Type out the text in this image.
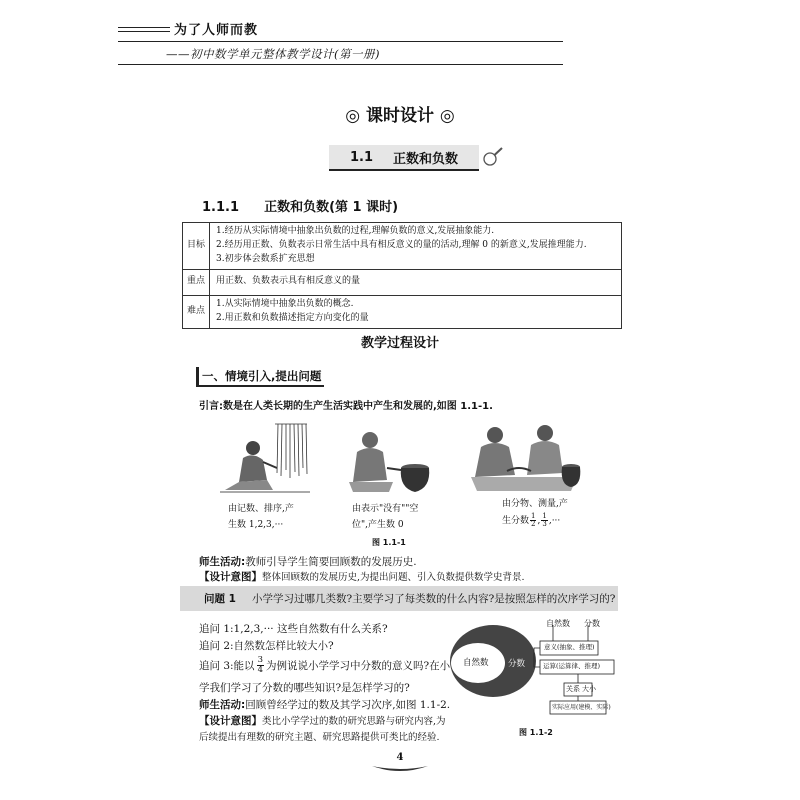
为了人师而教
——初中数学单元整体教学设计(第一册)
◎ 课时设计 ◎
1.1 正数和负数
1.1.1 正数和负数(第 1 课时)
目标	1.经历从实际情境中抽象出负数的过程,理解负数的意义,发展抽象能力.
2.经历用正数、负数表示日常生活中具有相反意义的量的活动,理解 0 的新意义,发展推理能力.
3.初步体会数系扩充思想

重点	用正数、负数表示具有相反意义的量

难点	1.从实际情境中抽象出负数的概念.
2.用正数和负数描述指定方向变化的量
教学过程设计
一、情境引入,提出问题
引言:数是在人类长期的生产生活实践中产生和发展的,如图 1.1-1.
由记数、排序,产
生数 1,2,3,···
由表示"没有""空
位",产生数 0
由分物、测量,产
生分数 $\frac{1}{2}$ , $\frac{1}{3}$ ,···
图 1.1-1
师生活动:教师引导学生简要回顾数的发展历史.
【设计意图】整体回顾数的发展历史,为提出问题、引入负数提供数学史背景.
问题 1 小学学习过哪几类数?主要学习了每类数的什么内容?是按照怎样的次序学习的?
追问 1:1,2,3,··· 这些自然数有什么关系?
追问 2:自然数怎样比较大小?
追问 3:能以 $\frac{3}{4}$ 为例说说小学学习中分数的意义吗?在小
学我们学习了分数的哪些知识?是怎样学习的?
师生活动:回顾曾经学过的数及其学习次序,如图 1.1-2.
【设计意图】类比小学学过的数的研究思路与研究内容,为
后续提出有理数的研究主题、研究思路提供可类比的经验.
分数
自然数
自然数 分数
意义(抽象、推理)
运算(运算律、推理)
关系 大小
实际应用(建模、实际)
图 1.1-2
4
